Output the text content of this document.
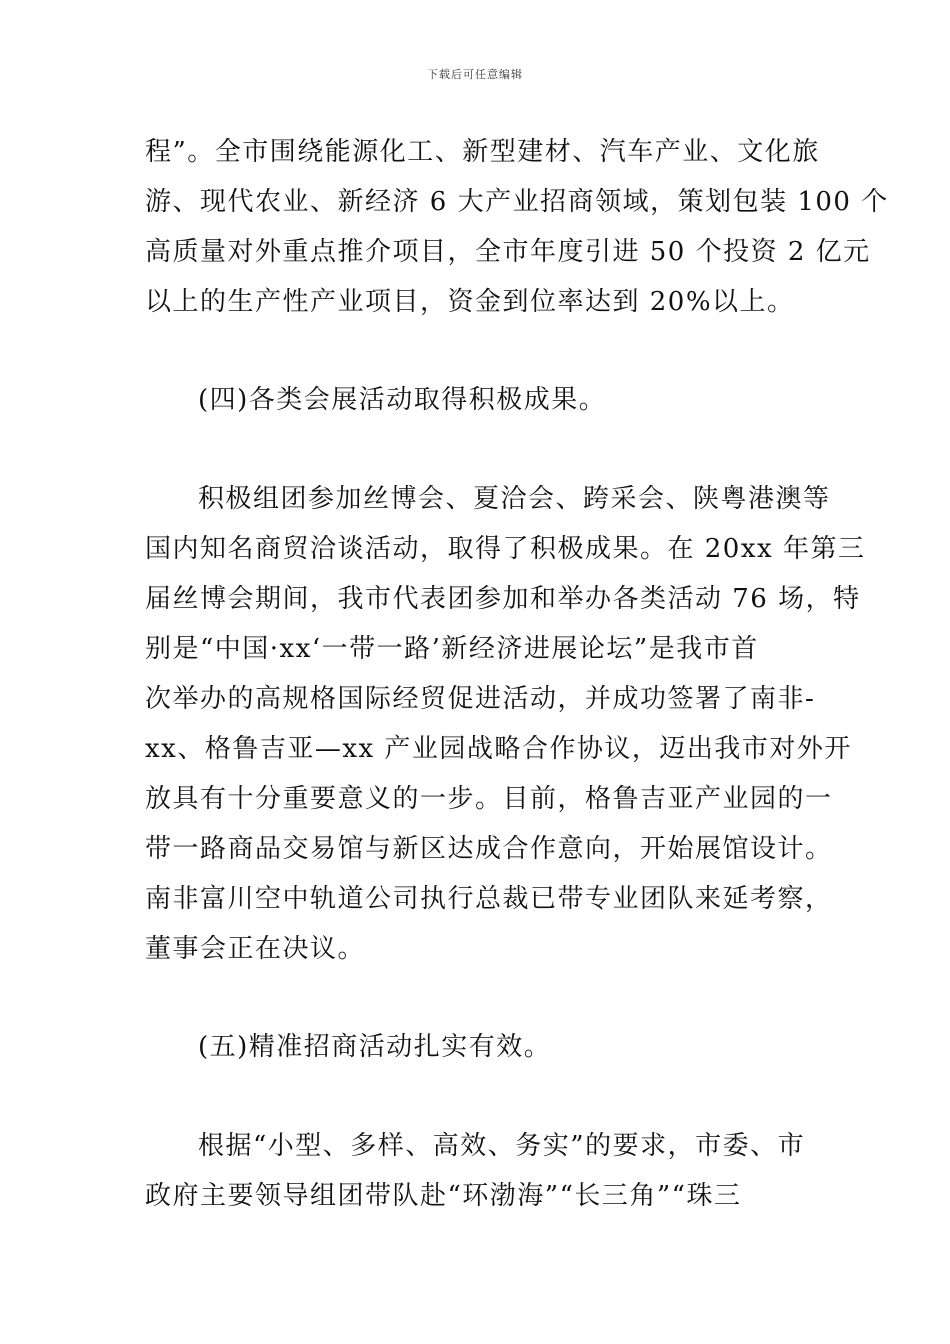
下载后可任意编辑
程”。全市围绕能源化工、新型建材、汽车产业、文化旅
游、现代农业、新经济 6 大产业招商领域，策划包装 100 个
高质量对外重点推介项目，全市年度引进 50 个投资 2 亿元
以上的生产性产业项目，资金到位率达到 20%以上。
(四)各类会展活动取得积极成果。
积极组团参加丝博会、夏洽会、跨采会、陕粤港澳等
国内知名商贸洽谈活动，取得了积极成果。在 20xx 年第三
届丝博会期间，我市代表团参加和举办各类活动 76 场，特
别是“中国·xx‘一带一路’新经济进展论坛”是我市首
次举办的高规格国际经贸促进活动，并成功签署了南非-
xx、格鲁吉亚—xx 产业园战略合作协议，迈出我市对外开
放具有十分重要意义的一步。目前，格鲁吉亚产业园的一
带一路商品交易馆与新区达成合作意向，开始展馆设计。
南非富川空中轨道公司执行总裁已带专业团队来延考察，
董事会正在决议。
(五)精准招商活动扎实有效。
根据“小型、多样、高效、务实”的要求，市委、市
政府主要领导组团带队赴“环渤海”“长三角”“珠三
